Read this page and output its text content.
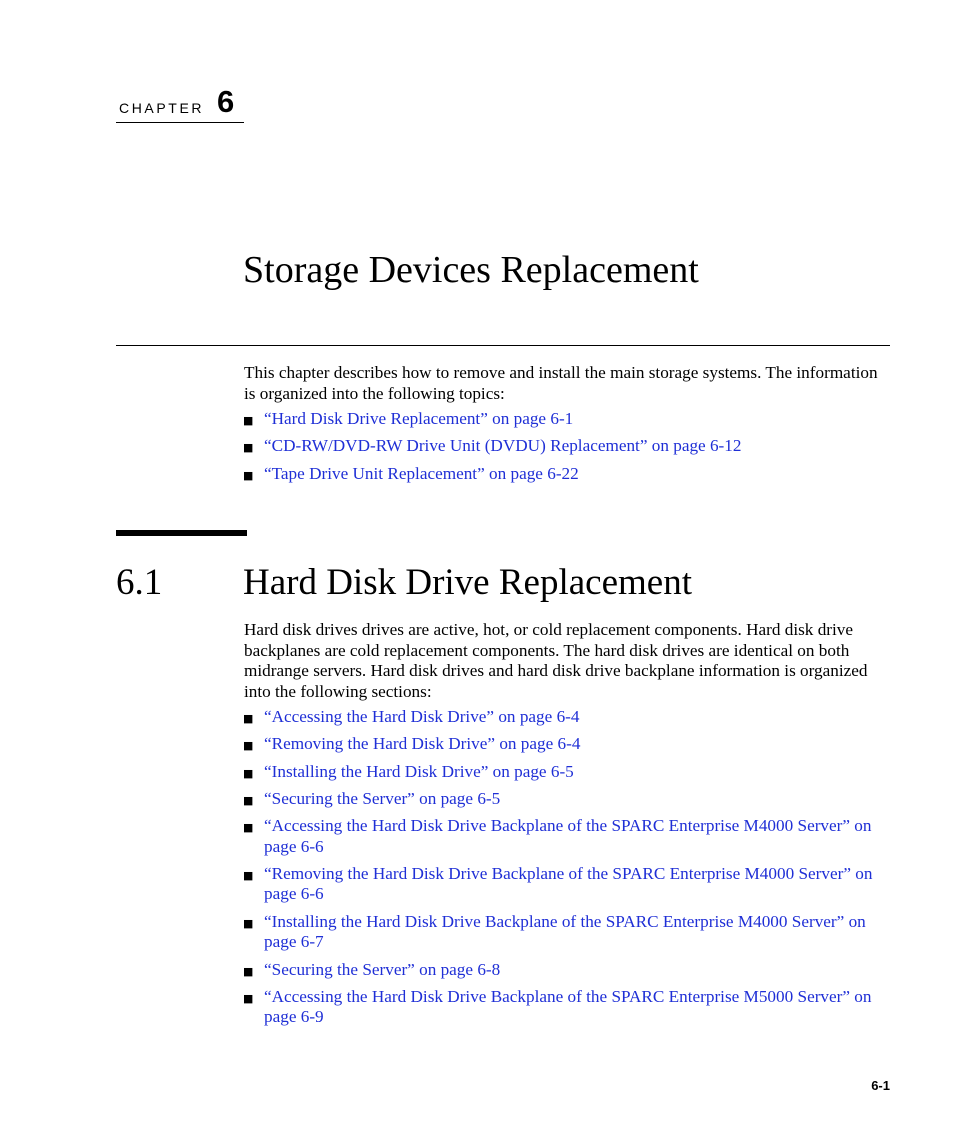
CHAPTER 6
Storage Devices Replacement

This chapter describes how to remove and install the main storage systems. The information is organized into the following topics:

■ “Hard Disk Drive Replacement” on page 6-1
■ “CD-RW/DVD-RW Drive Unit (DVDU) Replacement” on page 6-12
■ “Tape Drive Unit Replacement” on page 6-22
6.1 Hard Disk Drive Replacement

Hard disk drives drives are active, hot, or cold replacement components. Hard disk drive backplanes are cold replacement components. The hard disk drives are identical on both midrange servers. Hard disk drives and hard disk drive backplane information is organized into the following sections:

■ “Accessing the Hard Disk Drive” on page 6-4
■ “Removing the Hard Disk Drive” on page 6-4
■ “Installing the Hard Disk Drive” on page 6-5
■ “Securing the Server” on page 6-5
■ “Accessing the Hard Disk Drive Backplane of the SPARC Enterprise M4000 Server” on page 6-6
■ “Removing the Hard Disk Drive Backplane of the SPARC Enterprise M4000 Server” on page 6-6
■ “Installing the Hard Disk Drive Backplane of the SPARC Enterprise M4000 Server” on page 6-7
■ “Securing the Server” on page 6-8
■ “Accessing the Hard Disk Drive Backplane of the SPARC Enterprise M5000 Server” on page 6-9
6-1
